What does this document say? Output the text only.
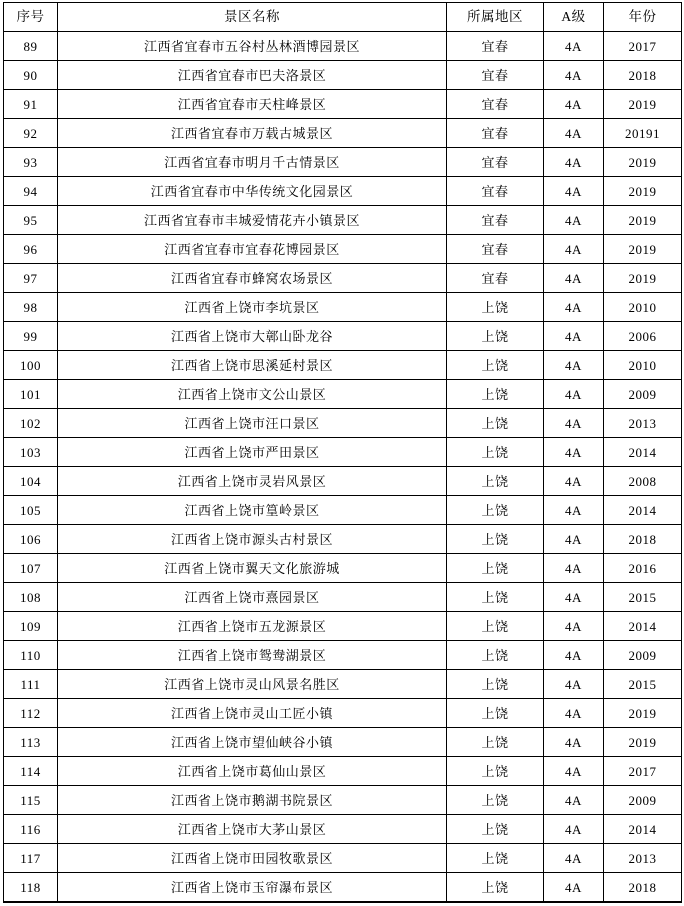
序号	景区名称	所属地区	A级	年份
89	江西省宜春市五谷村丛林酒博园景区	宜春	4A	2017
90	江西省宜春市巴夫洛景区	宜春	4A	2018
91	江西省宜春市天柱峰景区	宜春	4A	2019
92	江西省宜春市万载古城景区	宜春	4A	20191
93	江西省宜春市明月千古情景区	宜春	4A	2019
94	江西省宜春市中华传统文化园景区	宜春	4A	2019
95	江西省宜春市丰城爱情花卉小镇景区	宜春	4A	2019
96	江西省宜春市宜春花博园景区	宜春	4A	2019
97	江西省宜春市蜂窝农场景区	宜春	4A	2019
98	江西省上饶市李坑景区	上饶	4A	2010
99	江西省上饶市大鄣山卧龙谷	上饶	4A	2006
100	江西省上饶市思溪延村景区	上饶	4A	2010
101	江西省上饶市文公山景区	上饶	4A	2009
102	江西省上饶市汪口景区	上饶	4A	2013
103	江西省上饶市严田景区	上饶	4A	2014
104	江西省上饶市灵岩风景区	上饶	4A	2008
105	江西省上饶市篁岭景区	上饶	4A	2014
106	江西省上饶市源头古村景区	上饶	4A	2018
107	江西省上饶市翼天文化旅游城	上饶	4A	2016
108	江西省上饶市熹园景区	上饶	4A	2015
109	江西省上饶市五龙源景区	上饶	4A	2014
110	江西省上饶市鸳鸯湖景区	上饶	4A	2009
111	江西省上饶市灵山风景名胜区	上饶	4A	2015
112	江西省上饶市灵山工匠小镇	上饶	4A	2019
113	江西省上饶市望仙峡谷小镇	上饶	4A	2019
114	江西省上饶市葛仙山景区	上饶	4A	2017
115	江西省上饶市鹅湖书院景区	上饶	4A	2009
116	江西省上饶市大茅山景区	上饶	4A	2014
117	江西省上饶市田园牧歌景区	上饶	4A	2013
118	江西省上饶市玉帘瀑布景区	上饶	4A	2018
